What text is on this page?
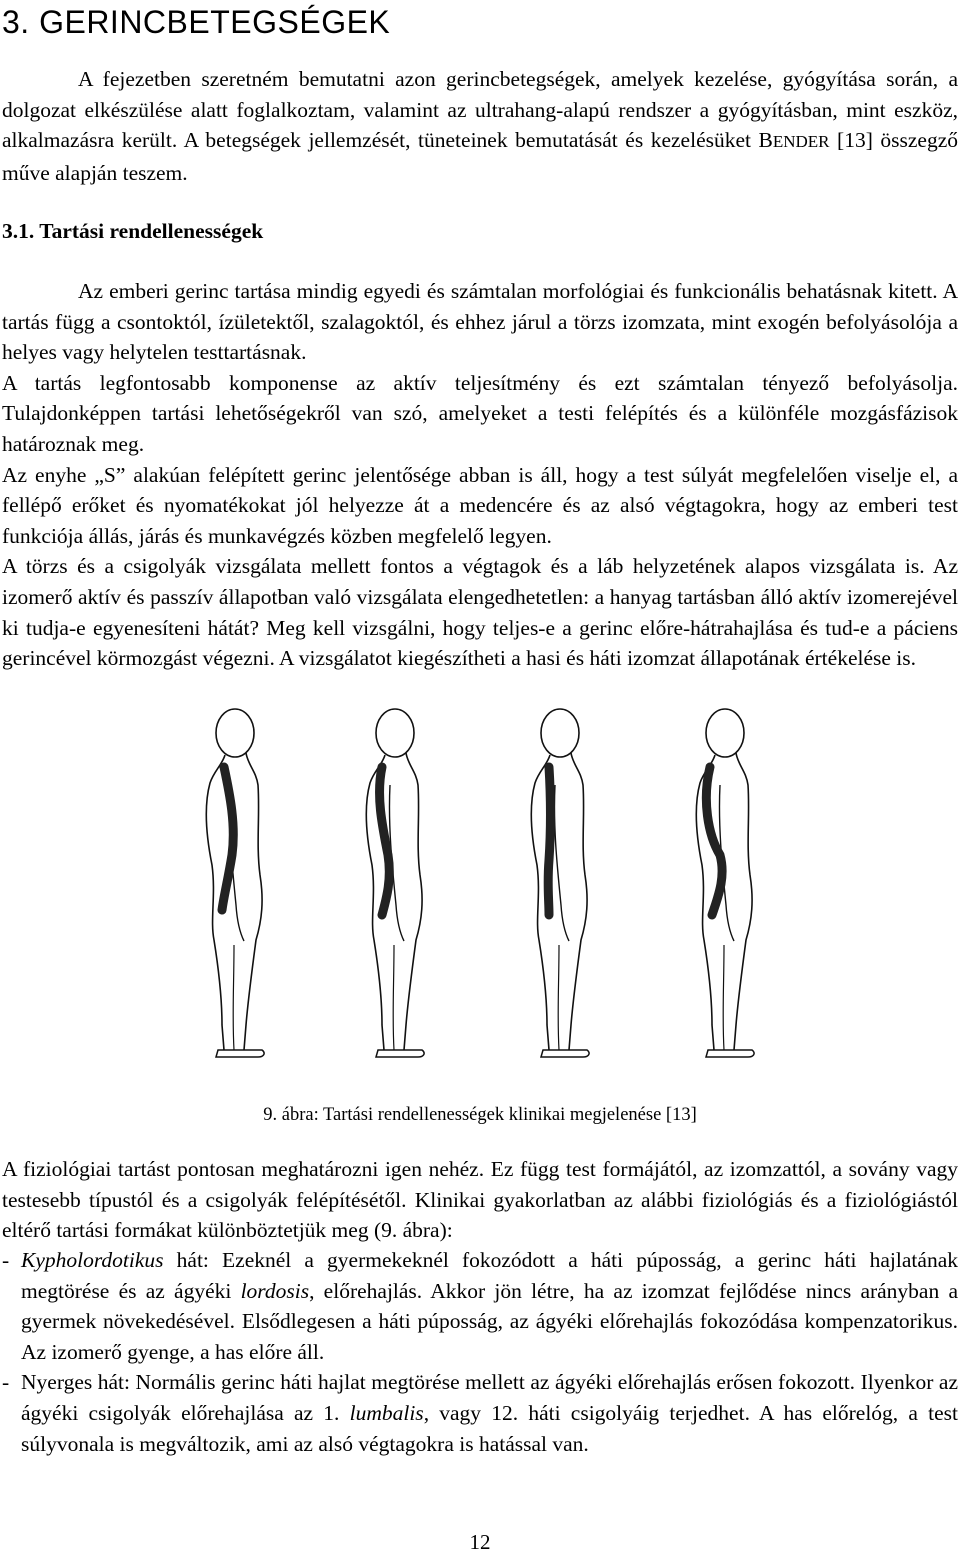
3. GERINCBETEGSÉGEK

A fejezetben szeretném bemutatni azon gerincbetegségek, amelyek kezelése, gyógyítása során, a dolgozat elkészülése alatt foglalkoztam, valamint az ultrahang-alapú rendszer a gyógyításban, mint eszköz, alkalmazásra került. A betegségek jellemzését, tüneteinek bemutatását és kezelésüket BENDER [13] összegző műve alapján teszem.

3.1. Tartási rendellenességek

Az emberi gerinc tartása mindig egyedi és számtalan morfológiai és funkcionális behatásnak kitett. A tartás függ a csontoktól, ízületektől, szalagoktól, és ehhez járul a törzs izomzata, mint exogén befolyásolója a helyes vagy helytelen testtartásnak.

A tartás legfontosabb komponense az aktív teljesítmény és ezt számtalan tényező befolyásolja. Tulajdonképpen tartási lehetőségekről van szó, amelyeket a testi felépítés és a különféle mozgásfázisok határoznak meg.

Az enyhe „S” alakúan felépített gerinc jelentősége abban is áll, hogy a test súlyát megfelelően viselje el, a fellépő erőket és nyomatékokat jól helyezze át a medencére és az alsó végtagokra, hogy az emberi test funkciója állás, járás és munkavégzés közben megfelelő legyen.

A törzs és a csigolyák vizsgálata mellett fontos a végtagok és a láb helyzetének alapos vizsgálata is. Az izomerő aktív és passzív állapotban való vizsgálata elengedhetetlen: a hanyag tartásban álló aktív izomerejével ki tudja-e egyenesíteni hátát? Meg kell vizsgálni, hogy teljes-e a gerinc előre-hátrahajlása és tud-e a páciens gerincével körmozgást végezni. A vizsgálatot kiegészítheti a hasi és háti izomzat állapotának értékelése is.

9. ábra: Tartási rendellenességek klinikai megjelenése [13]

A fiziológiai tartást pontosan meghatározni igen nehéz. Ez függ test formájától, az izomzattól, a sovány vagy testesebb típustól és a csigolyák felépítésétől. Klinikai gyakorlatban az alábbi fiziológiás és a fiziológiástól eltérő tartási formákat különböztetjük meg (9. ábra):

- Kypholordotikus hát: Ezeknél a gyermekeknél fokozódott a háti púposság, a gerinc háti hajlatának megtörése és az ágyéki lordosis, előrehajlás. Akkor jön létre, ha az izomzat fejlődése nincs arányban a gyermek növekedésével. Elsődlegesen a háti púposság, az ágyéki előrehajlás fokozódása kompenzatorikus. Az izomerő gyenge, a has előre áll.

- Nyerges hát: Normális gerinc háti hajlat megtörése mellett az ágyéki előrehajlás erősen fokozott. Ilyenkor az ágyéki csigolyák előrehajlása az 1. lumbalis, vagy 12. háti csigolyáig terjedhet. A has előrelóg, a test súlyvonala is megváltozik, ami az alsó végtagokra is hatással van.

12
